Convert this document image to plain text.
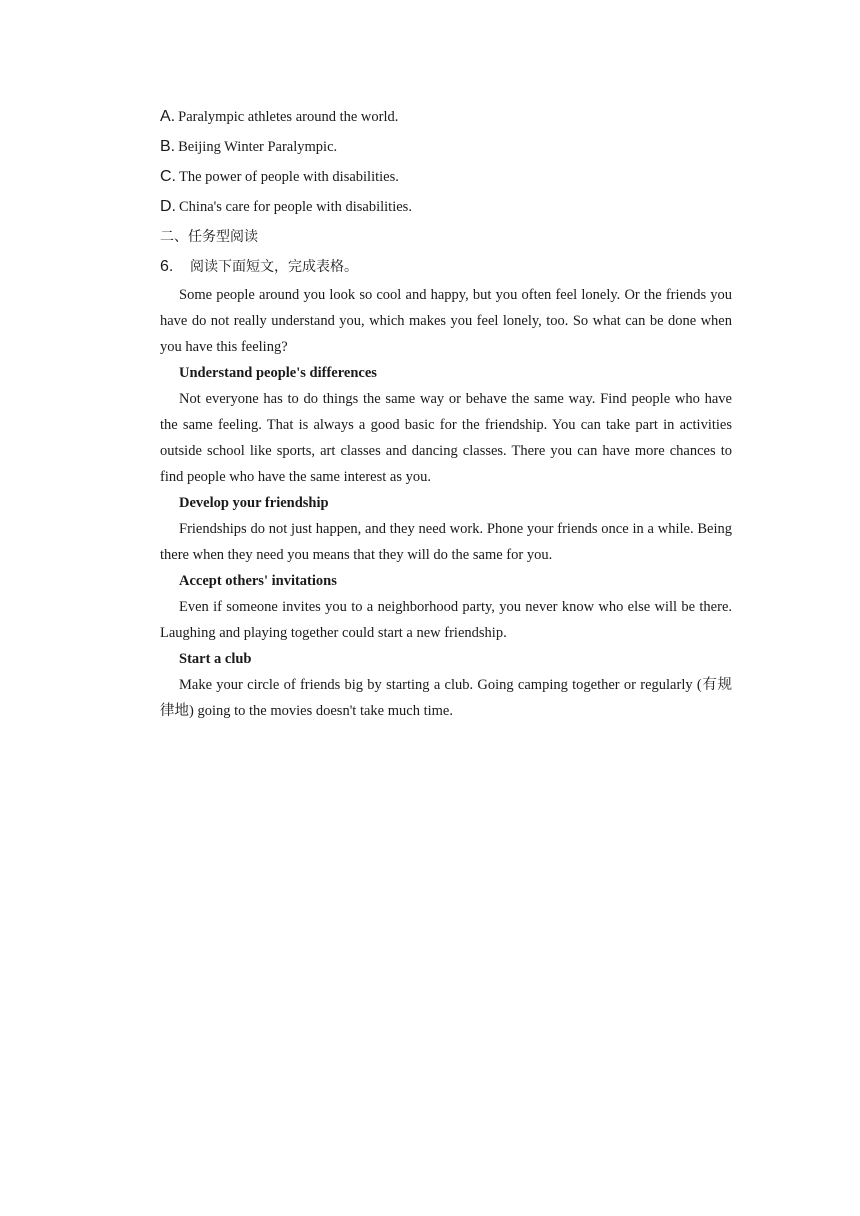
A. Paralympic athletes around the world.
B. Beijing Winter Paralympic.
C. The power of people with disabilities.
D. China's care for people with disabilities.
二、任务型阅读
6. 阅读下面短文，完成表格。

Some people around you look so cool and happy, but you often feel lonely. Or the friends you have do not really understand you, which makes you feel lonely, too. So what can be done when you have this feeling?

Understand people's differences

Not everyone has to do things the same way or behave the same way. Find people who have the same feeling. That is always a good basic for the friendship. You can take part in activities outside school like sports, art classes and dancing classes. There you can have more chances to find people who have the same interest as you.

Develop your friendship

Friendships do not just happen, and they need work. Phone your friends once in a while. Being there when they need you means that they will do the same for you.

Accept others' invitations

Even if someone invites you to a neighborhood party, you never know who else will be there. Laughing and playing together could start a new friendship.

Start a club

Make your circle of friends big by starting a club. Going camping together or regularly (有规律地) going to the movies doesn't take much time.
